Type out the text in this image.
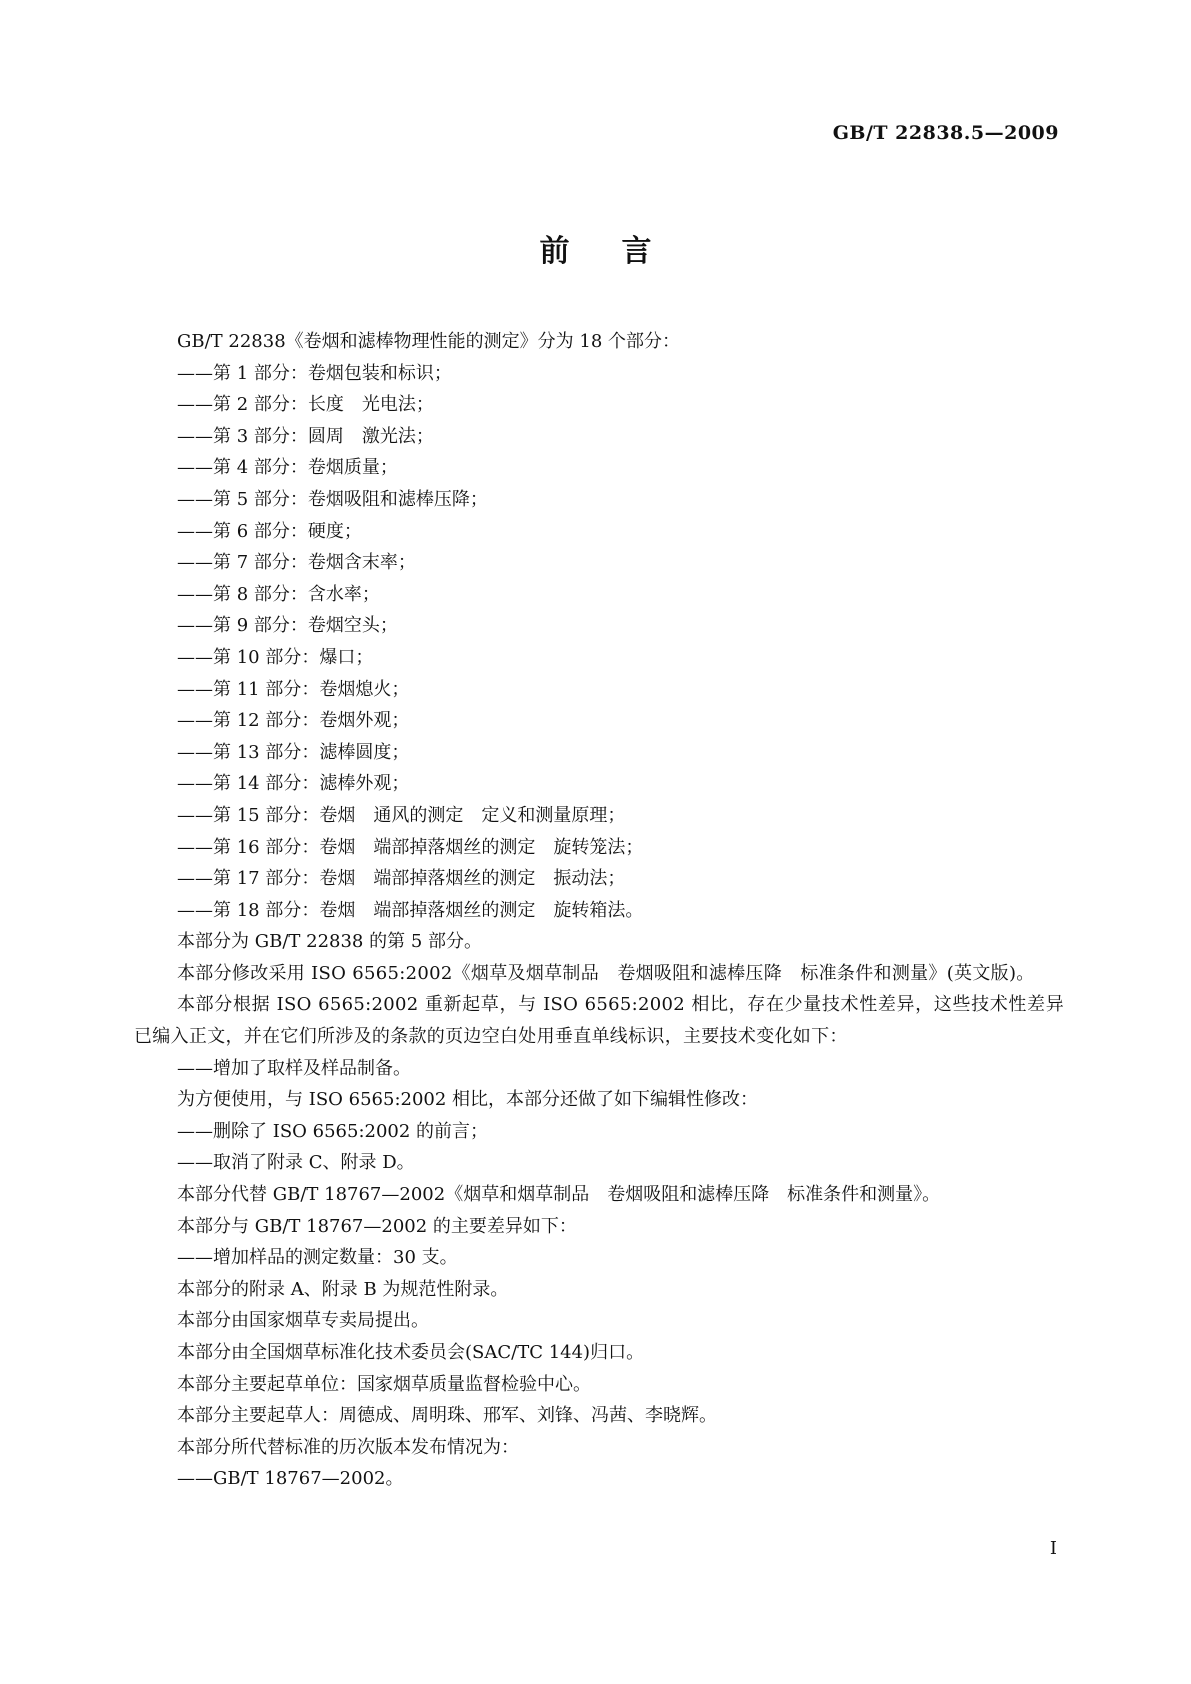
GB/T 22838.5—2009
前言
GB/T 22838《卷烟和滤棒物理性能的测定》分为 18 个部分：
——第 1 部分：卷烟包装和标识；
——第 2 部分：长度　光电法；
——第 3 部分：圆周　激光法；
——第 4 部分：卷烟质量；
——第 5 部分：卷烟吸阻和滤棒压降；
——第 6 部分：硬度；
——第 7 部分：卷烟含末率；
——第 8 部分：含水率；
——第 9 部分：卷烟空头；
——第 10 部分：爆口；
——第 11 部分：卷烟熄火；
——第 12 部分：卷烟外观；
——第 13 部分：滤棒圆度；
——第 14 部分：滤棒外观；
——第 15 部分：卷烟　通风的测定　定义和测量原理；
——第 16 部分：卷烟　端部掉落烟丝的测定　旋转笼法；
——第 17 部分：卷烟　端部掉落烟丝的测定　振动法；
——第 18 部分：卷烟　端部掉落烟丝的测定　旋转箱法。
本部分为 GB/T 22838 的第 5 部分。
本部分修改采用 ISO 6565:2002《烟草及烟草制品　卷烟吸阻和滤棒压降　标准条件和测量》(英文版)。
本部分根据 ISO 6565:2002 重新起草，与 ISO 6565:2002 相比，存在少量技术性差异，这些技术性差异已编入正文，并在它们所涉及的条款的页边空白处用垂直单线标识，主要技术变化如下：
——增加了取样及样品制备。
为方便使用，与 ISO 6565:2002 相比，本部分还做了如下编辑性修改：
——删除了 ISO 6565:2002 的前言；
——取消了附录 C、附录 D。
本部分代替 GB/T 18767—2002《烟草和烟草制品　卷烟吸阻和滤棒压降　标准条件和测量》。
本部分与 GB/T 18767—2002 的主要差异如下：
——增加样品的测定数量：30 支。
本部分的附录 A、附录 B 为规范性附录。
本部分由国家烟草专卖局提出。
本部分由全国烟草标准化技术委员会(SAC/TC 144)归口。
本部分主要起草单位：国家烟草质量监督检验中心。
本部分主要起草人：周德成、周明珠、邢军、刘锋、冯茜、李晓辉。
本部分所代替标准的历次版本发布情况为：
——GB/T 18767—2002。
I
